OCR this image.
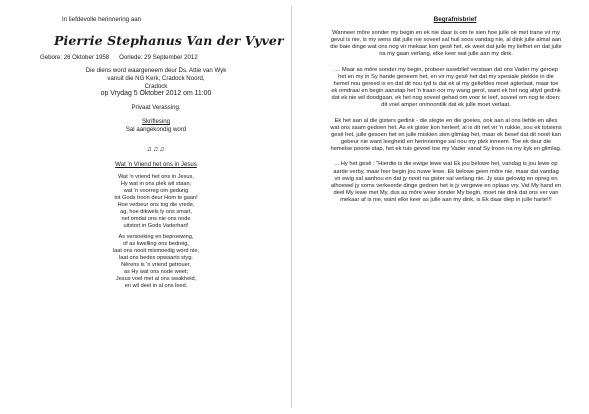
In liefdevolle herinnering aan
Pierrie Stephanus Van der Vyver
Gebore: 26 Oktober 1958 Oorlede: 29 September 2012
Die diens word waargeneem deur Ds. Attie van Wyk
vanuit die NG Kerk, Cradock Noord,
Cradock
op Vrydag 5 Oktober 2012 om 11:00
Privaat Verassing.
Skriflesing
Sal aangekondig word
♫♫♫
Wat 'n Vriend het ons in Jesus
Wat 'n vriend het ons in Jesus,
Hy wat in ons plek wil staan;
wat 'n voorreg om gedurig
tot Gods troon deur Hom te gaan!
Hoe verbeur ons tog die vrede,
ag, hoe dikwels ly ons smart,
net omdat ons nie ons node
uitstort in Gods Vaderhart!
As versoeking en beproewing,
of as kwelling ons bedreig,
laat ons nooit mismoedig word nie,
laat ons bedes opwaarts styg.
Nêrens is 'n vriend getrouer,
as Hy wat ons node weet;
Jesus voel met al ons swakheid,
en wil deel in al ons leed.
Begrafnisbrief
Wanneer môre sonder my begin en ek nie daar is om te sien hoe julle oë met trane vir my gevul is nie, is my wens dat julle nie soveel sal huil soos vandag nie, al dink julle almal aan die baie dinge wat ons nog vir mekaar kon gesê het, ek weet dat julle my liefhet en dat julle na my gaan verlang, elke keer wat julle aan my dink.
.... Maar as môre sonder my begin, probeer asseblief verstaan dat ons Vader my geroep het en my in Sy hande geneem het, en vir my gesê het dat my spesiale plekkie in die hemel nou gereed is en dat dit nou tyd is dat ek al my geliefdes moet agterlaat, maar toe ek omdraai en begin aanstap het 'n traan oor my wang gerol, want ek het nog altyd gedink dat ek nie wil doodgaan, ek het nog soveel gehad om voor te leef, soveel om nog te doen: dit voel amper onmoontlik dat ek julle moet verlaat.
Ek het aan al die gisters gedink - die slegte en die goeies, ook aan al ons liefde en alles wat ons saam gedoen het. As ek gister kon herleef, al is dit net vir 'n rukkie, sou ek totsiens gesê het, julle gesoen het en julle miskien sien glimlag het, maar ek besef dat dit nooit kan gebeur nie want leegheid en herinneringe sal nou my plek inneem. Toe ek deur die hemelse poorte stap, het ek tuis gevoel toe my Vader vanaf Sy troon na my kyk en glimlag.
... Hy het gesê : "Hierdie is die ewige lewe wat Ek jou belowe het, vandag is jou lewe op aarde verby, maar hier begin jou nuwe lewe. Ek belowe geen môre nie, maar dat vandag vir ewig sal aanhou en dat jy nooit na gister sal verlang nie. Jy was gelowig en opreg en alhoewel jy soms verkeerde dinge gedoen het is jy vergewe en oplaas vry. Vat My hand en deel My lewe met My, dus as môre weer sonder My begin, moet nie dink dat ons ver van mekaar af is nie, want elke keer as julle aan my dink, is Ek daar diep in julle harte!!!
